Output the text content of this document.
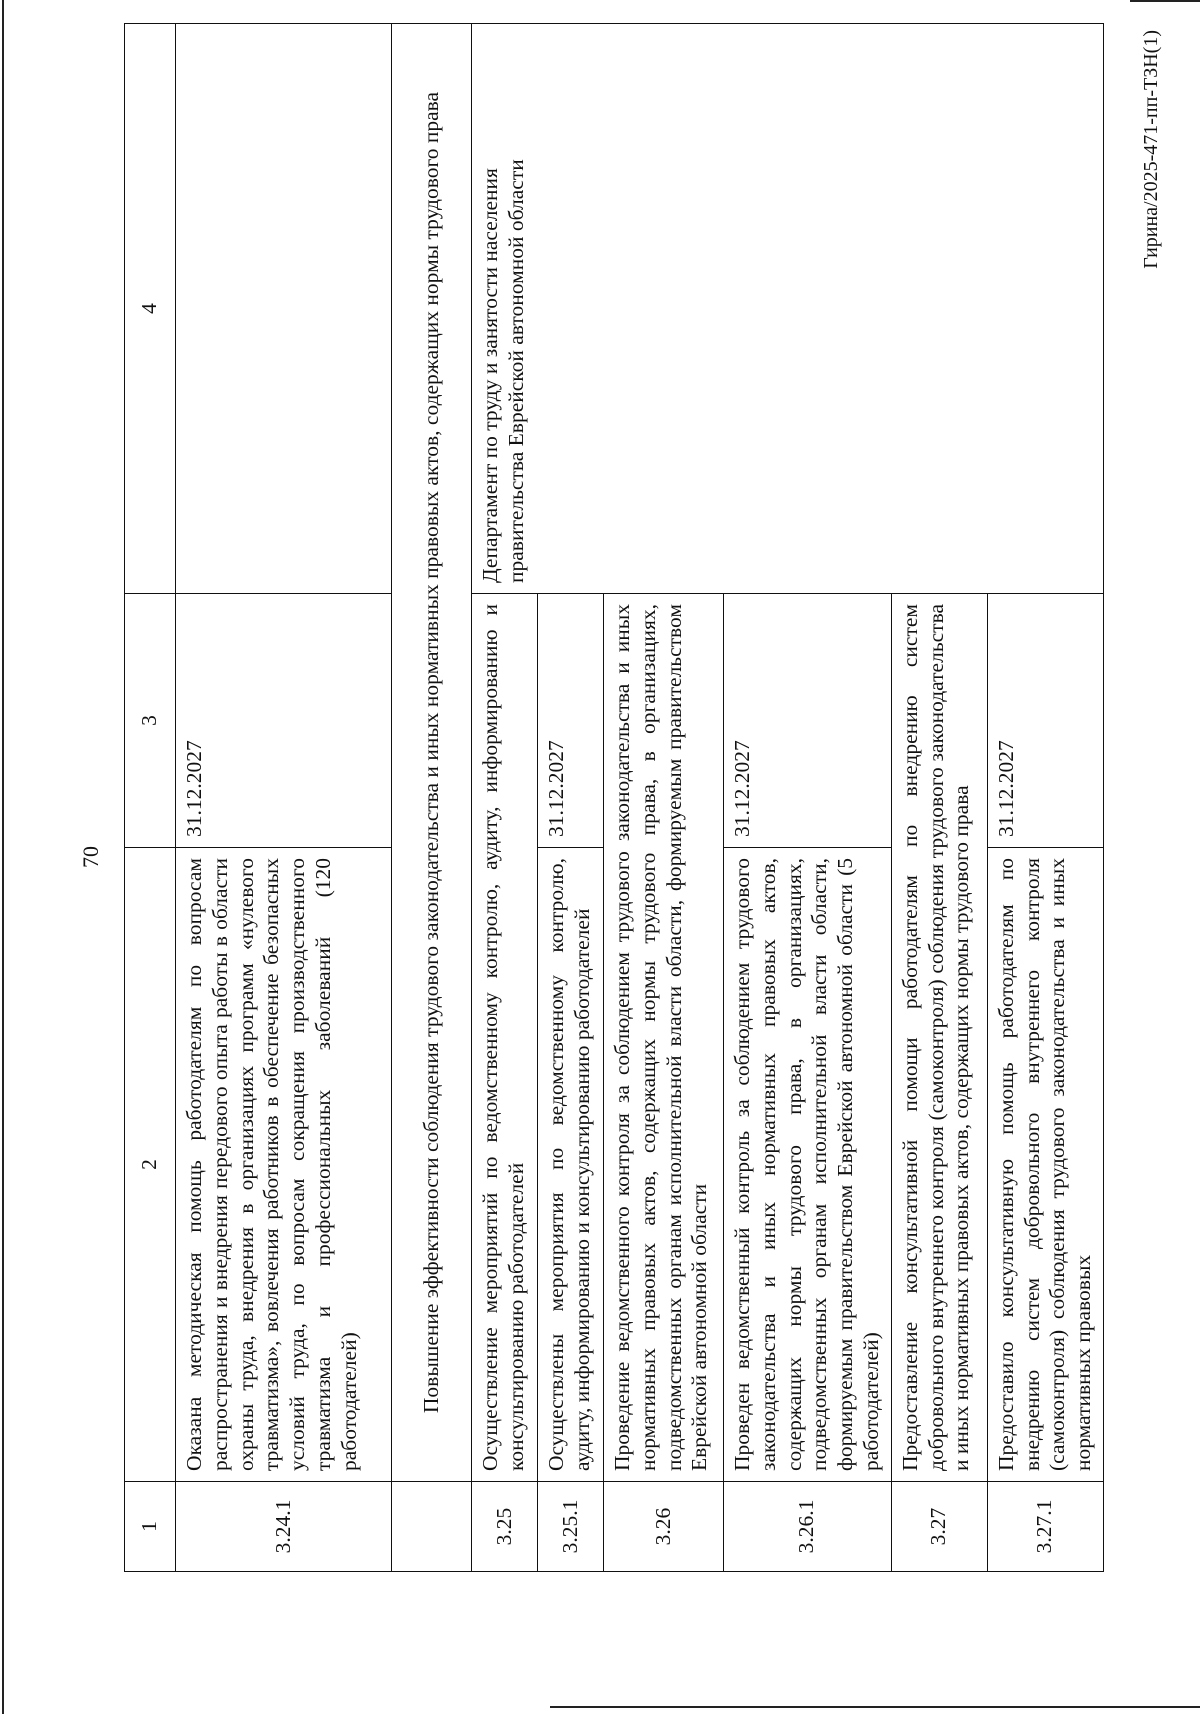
70
1	2	3	4
3.24.1	Оказана методическая помощь работодателям по вопросам распространения и внедрения передового опыта работы в области охраны труда, внедрения в организациях программ «нулевого травматизма», вовлечения работников в обеспечение безопасных условий труда, по вопросам сокращения производственного травматизма и профессиональных заболеваний (120 работодателей)	31.12.2027	
	Повышение эффективности соблюдения трудового законодательства и иных нормативных правовых актов, содержащих нормы трудового права		
3.25	Осуществление мероприятий по ведомственному контролю, аудиту, информированию и консультированию работодателей		Департамент по труду и занятости населения правительства Еврейской автономной области
3.25.1	Осуществлены мероприятия по ведомственному контролю, аудиту, информированию и консультированию работодателей	31.12.2027	
3.26	Проведение ведомственного контроля за соблюдением трудового законодательства и иных нормативных правовых актов, содержащих нормы трудового права, в организациях, подведомственных органам исполнительной власти области, формируемым правительством Еврейской автономной области		
3.26.1	Проведен ведомственный контроль за соблюдением трудового законодательства и иных нормативных правовых актов, содержащих нормы трудового права, в организациях, подведомственных органам исполнительной власти области, формируемым правительством Еврейской автономной области (5 работодателей)	31.12.2027	
3.27	Предоставление консультативной помощи работодателям по внедрению систем добровольного внутреннего контроля (самоконтроля) соблюдения трудового законодательства и иных нормативных правовых актов, содержащих нормы трудового права		
3.27.1	Предоставило консультативную помощь работодателям по внедрению систем добровольного внутреннего контроля (самоконтроля) соблюдения трудового законодательства и иных нормативных правовых	31.12.2027	
Гирина/2025-471-пп-ТЗН(1)
